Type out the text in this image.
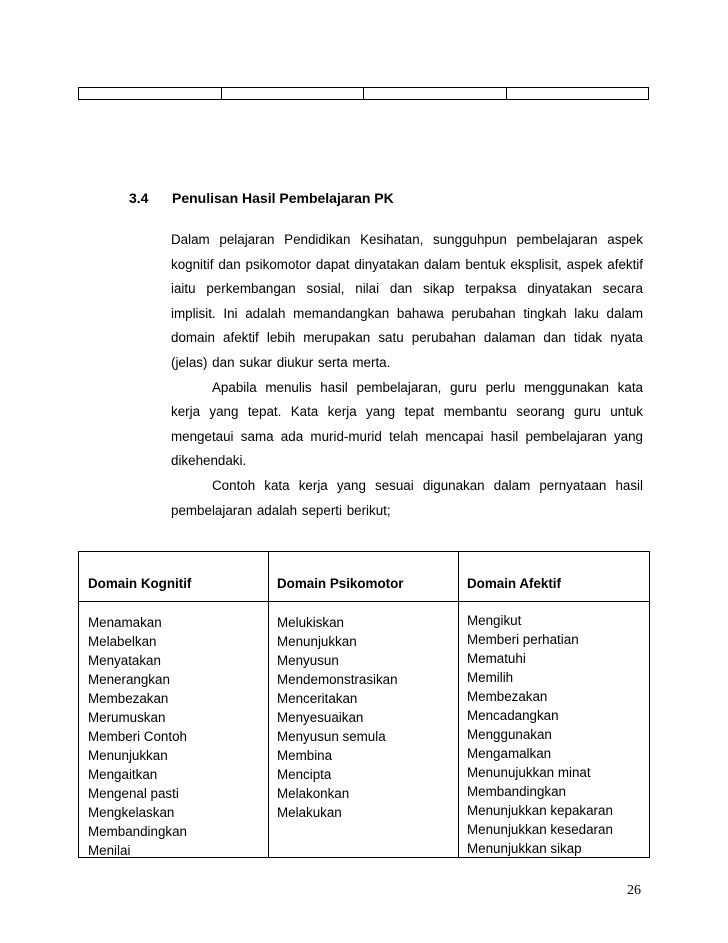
3.4 Penulisan Hasil Pembelajaran PK

Dalam pelajaran Pendidikan Kesihatan, sungguhpun pembelajaran aspek kognitif dan psikomotor dapat dinyatakan dalam bentuk eksplisit, aspek afektif iaitu perkembangan sosial, nilai dan sikap terpaksa dinyatakan secara implisit. Ini adalah memandangkan bahawa perubahan tingkah laku dalam domain afektif lebih merupakan satu perubahan dalaman dan tidak nyata (jelas) dan sukar diukur serta merta.

Apabila menulis hasil pembelajaran, guru perlu menggunakan kata kerja yang tepat. Kata kerja yang tepat membantu seorang guru untuk mengetaui sama ada murid-murid telah mencapai hasil pembelajaran yang dikehendaki.

Contoh kata kerja yang sesuai digunakan dalam pernyataan hasil pembelajaran adalah seperti berikut;

Domain Kognitif	Domain Psikomotor	Domain Afektif
Menamakan
Melabelkan
Menyatakan
Menerangkan
Membezakan
Merumuskan
Memberi Contoh
Menunjukkan
Mengaitkan
Mengenal pasti
Mengkelaskan
Membandingkan
Menilai
Melukiskan
Menunjukkan
Menyusun
Mendemonstrasikan
Menceritakan
Menyesuaikan
Menyusun semula
Membina
Mencipta
Melakonkan
Melakukan
Mengikut
Memberi perhatian
Mematuhi
Memilih
Membezakan
Mencadangkan
Menggunakan
Mengamalkan
Menunujukkan minat
Membandingkan
Menunjukkan kepakaran
Menunjukkan kesedaran
Menunjukkan sikap
26
